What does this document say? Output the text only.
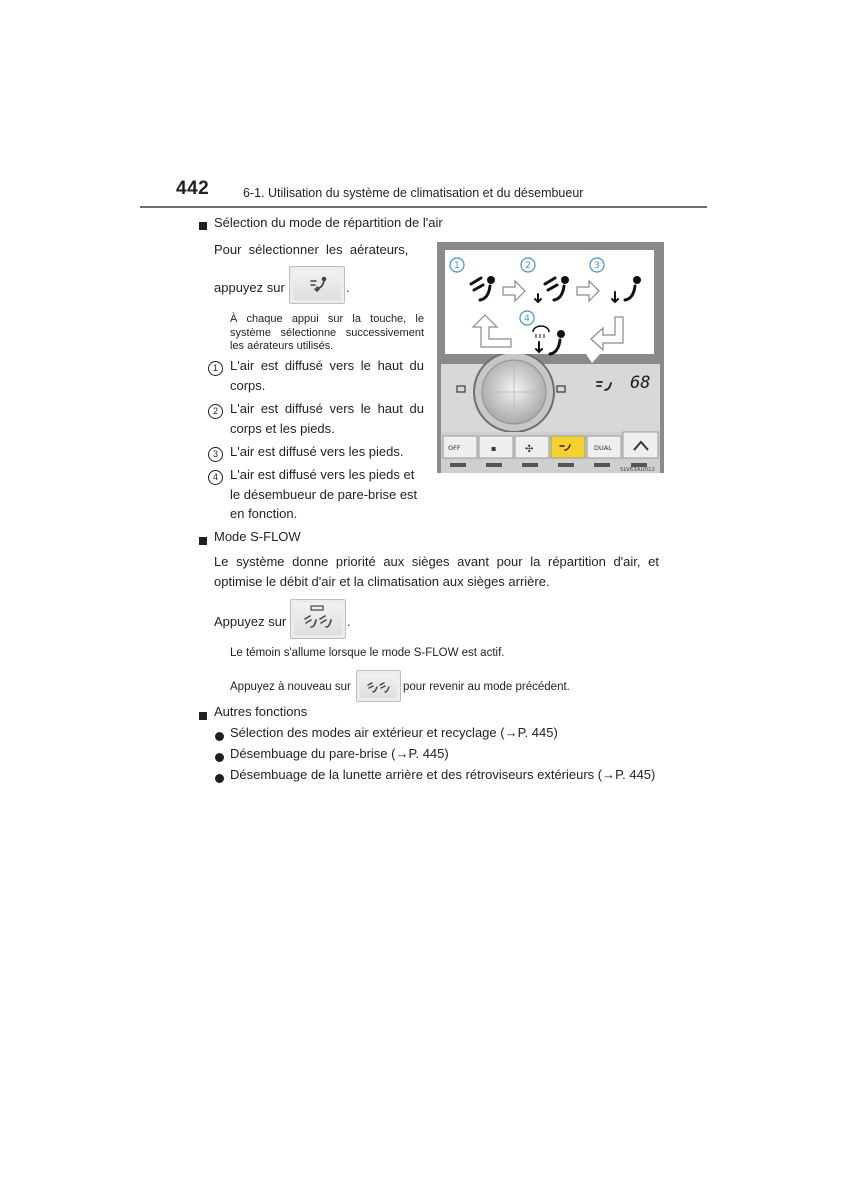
442	6-1. Utilisation du système de climatisation et du désembueur
Sélection du mode de répartition de l'air
Pour  sélectionner  les  aérateurs,
appuyez sur	.
À chaque appui sur la touche, le système sélectionne successivement les aérateurs utilisés.
1 L'air est diffusé vers le haut du corps.
2 L'air est diffusé vers le haut du corps et les pieds.
3 L'air est diffusé vers les pieds.
4 L'air est diffusé vers les pieds et le désembueur de pare-brise est en fonction.
OFF	DUAL
▪	✣
SLV63AU012
1	2	3
4
68
Mode S-FLOW
Le système donne priorité aux sièges avant pour la répartition d'air, et optimise le débit d'air et la climatisation aux sièges arrière.
Appuyez sur	.
Le témoin s'allume lorsque le mode S-FLOW est actif.
Appuyez à nouveau sur	pour revenir au mode précédent.
Autres fonctions
Sélection des modes air extérieur et recyclage (→P. 445)
Désembuage du pare-brise (→P. 445)
Désembuage de la lunette arrière et des rétroviseurs extérieurs (→P. 445)
